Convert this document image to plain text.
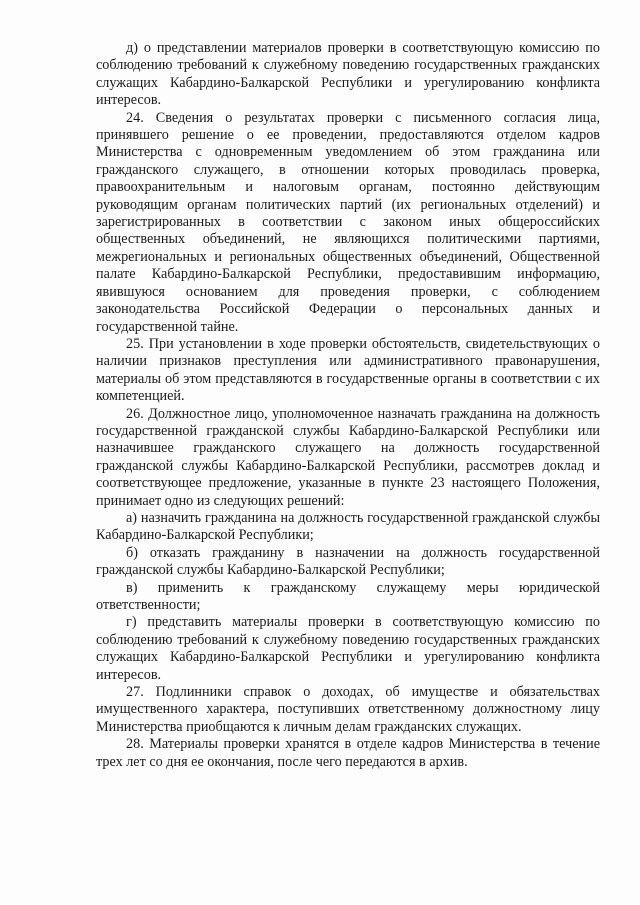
д) о представлении материалов проверки в соответствующую комиссию по соблюдению требований к служебному поведению государственных гражданских служащих Кабардино-Балкарской Республики и урегулированию конфликта интересов.

24. Сведения о результатах проверки с письменного согласия лица, принявшего решение о ее проведении, предоставляются отделом кадров Министерства с одновременным уведомлением об этом гражданина или гражданского служащего, в отношении которых проводилась проверка, правоохранительным и налоговым органам, постоянно действующим руководящим органам политических партий (их региональных отделений) и зарегистрированных в соответствии с законом иных общероссийских общественных объединений, не являющихся политическими партиями, межрегиональных и региональных общественных объединений, Общественной палате Кабардино-Балкарской Республики, предоставившим информацию, явившуюся основанием для проведения проверки, с соблюдением законодательства Российской Федерации о персональных данных и государственной тайне.

25. При установлении в ходе проверки обстоятельств, свидетельствующих о наличии признаков преступления или административного правонарушения, материалы об этом представляются в государственные органы в соответствии с их компетенцией.

26. Должностное лицо, уполномоченное назначать гражданина на должность государственной гражданской службы Кабардино-Балкарской Республики или назначившее гражданского служащего на должность государственной гражданской службы Кабардино-Балкарской Республики, рассмотрев доклад и соответствующее предложение, указанные в пункте 23 настоящего Положения, принимает одно из следующих решений:

а) назначить гражданина на должность государственной гражданской службы Кабардино-Балкарской Республики;

б) отказать гражданину в назначении на должность государственной гражданской службы Кабардино-Балкарской Республики;

в) применить к гражданскому служащему меры юридической ответственности;

г) представить материалы проверки в соответствующую комиссию по соблюдению требований к служебному поведению государственных гражданских служащих Кабардино-Балкарской Республики и урегулированию конфликта интересов.

27. Подлинники справок о доходах, об имуществе и обязательствах имущественного характера, поступивших ответственному должностному лицу Министерства приобщаются к личным делам гражданских служащих.

28. Материалы проверки хранятся в отделе кадров Министерства в течение трех лет со дня ее окончания, после чего передаются в архив.
